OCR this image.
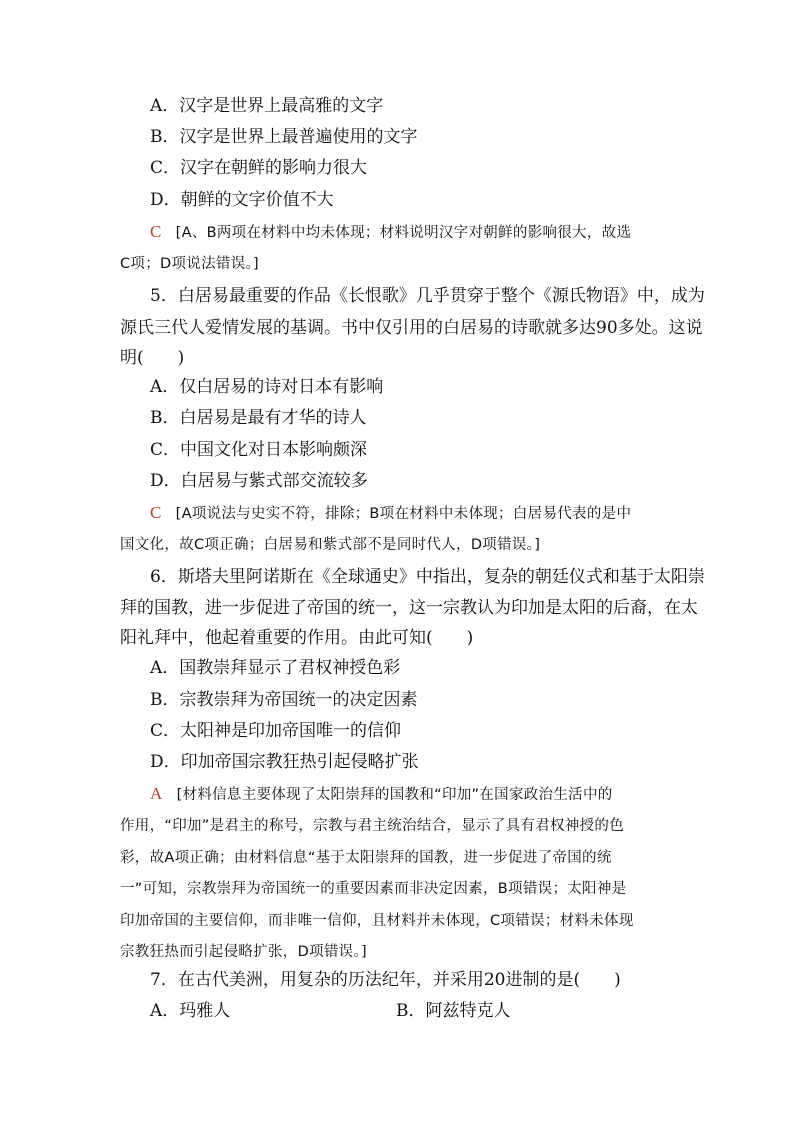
A．汉字是世界上最高雅的文字
B．汉字是世界上最普遍使用的文字
C．汉字在朝鲜的影响力很大
D．朝鲜的文字价值不大
C [A、B两项在材料中均未体现；材料说明汉字对朝鲜的影响很大，故选
C项；D项说法错误。]
5．白居易最重要的作品《长恨歌》几乎贯穿于整个《源氏物语》中，成为
源氏三代人爱情发展的基调。书中仅引用的白居易的诗歌就多达90多处。这说
明(　　)
A．仅白居易的诗对日本有影响
B．白居易是最有才华的诗人
C．中国文化对日本影响颇深
D．白居易与紫式部交流较多
C [A项说法与史实不符，排除；B项在材料中未体现；白居易代表的是中
国文化，故C项正确；白居易和紫式部不是同时代人，D项错误。]
6．斯塔夫里阿诺斯在《全球通史》中指出，复杂的朝廷仪式和基于太阳崇
拜的国教，进一步促进了帝国的统一，这一宗教认为印加是太阳的后裔，在太
阳礼拜中，他起着重要的作用。由此可知(　　)
A．国教崇拜显示了君权神授色彩
B．宗教崇拜为帝国统一的决定因素
C．太阳神是印加帝国唯一的信仰
D．印加帝国宗教狂热引起侵略扩张
A [材料信息主要体现了太阳崇拜的国教和“印加”在国家政治生活中的
作用，“印加”是君主的称号，宗教与君主统治结合，显示了具有君权神授的色
彩，故A项正确；由材料信息“基于太阳崇拜的国教，进一步促进了帝国的统
一”可知，宗教崇拜为帝国统一的重要因素而非决定因素，B项错误；太阳神是
印加帝国的主要信仰，而非唯一信仰，且材料并未体现，C项错误；材料未体现
宗教狂热而引起侵略扩张，D项错误。]
7．在古代美洲，用复杂的历法纪年，并采用20进制的是(　　)
A．玛雅人	B．阿兹特克人
